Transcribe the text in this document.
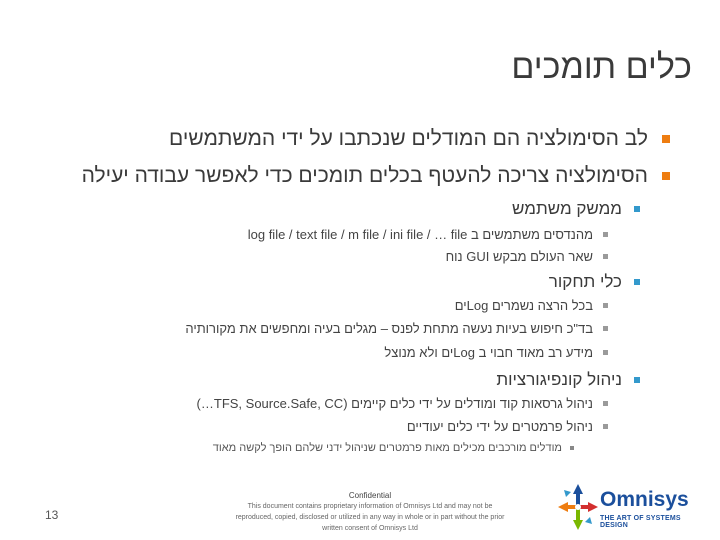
כלים תומכים
לב הסימולציה הם המודלים שנכתבו על ידי המשתמשים
הסימולציה צריכה להעטף בכלים תומכים כדי לאפשר עבודה יעילה
ממשק משתמש
מהנדסים משתמשים ב log file / text file / m file / ini file / … file
שאר העולם מבקש GUI נוח
כלי תחקור
בכל הרצה נשמרים Logים
בד"כ חיפוש בעיות נעשה מתחת לפנס – מגלים בעיה ומחפשים את מקורותיה
מידע רב מאוד חבוי ב Logים ולא מנוצל
ניהול קונפיגורציות
ניהול גרסאות קוד ומודלים על ידי כלים קיימים (TFS, Source.Safe, CC…)
ניהול פרמטרים על ידי כלים יעודיים
מודלים מורכבים מכילים מאות פרמטרים שניהול ידני שלהם הופך לקשה מאוד
13
Confidential
This document contains proprietary information of Omnisys Ltd and may not be
reproduced, copied, disclosed or utilized in any way in whole or in part without the prior
written consent of Omnisys Ltd
Omnisys
THE ART OF SYSTEMS DESIGN
